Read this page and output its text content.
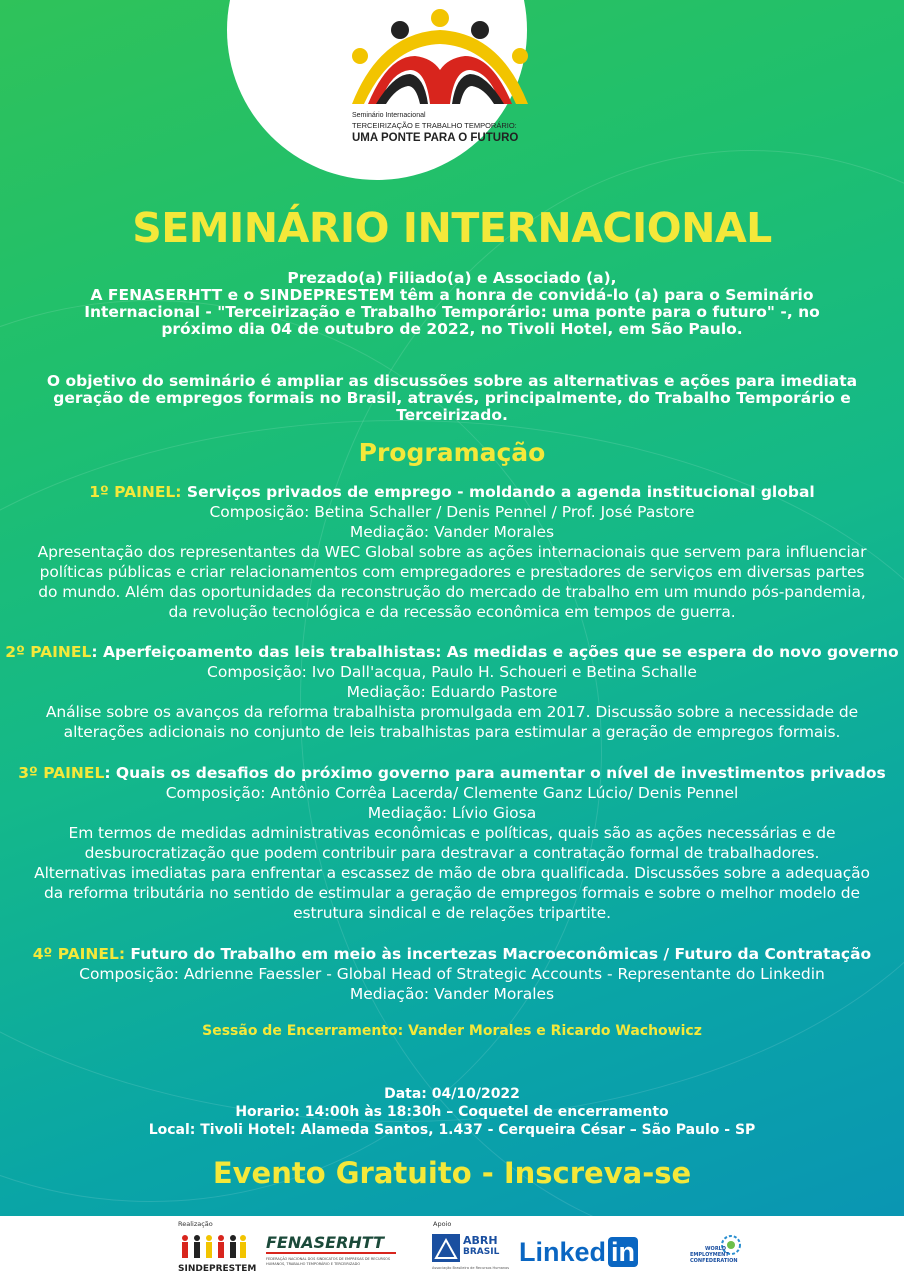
Seminário Internacional
TERCEIRIZAÇÃO E TRABALHO TEMPORÁRIO:
UMA PONTE PARA O FUTURO
SEMINÁRIO INTERNACIONAL

Prezado(a) Filiado(a) e Associado (a),

A FENASERHTT e o SINDEPRESTEM têm a honra de convidá-lo (a) para o Seminário

Internacional - "Terceirização e Trabalho Temporário: uma ponte para o futuro" -, no

próximo dia 04 de outubro de 2022, no Tivoli Hotel, em São Paulo.

O objetivo do seminário é ampliar as discussões sobre as alternativas e ações para imediata

geração de empregos formais no Brasil, através, principalmente, do Trabalho Temporário e

Terceirizado.

Programação
1º PAINEL: Serviços privados de emprego - moldando a agenda institucional global
Composição: Betina Schaller / Denis Pennel / Prof. José Pastore
Mediação: Vander Morales
Apresentação dos representantes da WEC Global sobre as ações internacionais que servem para influenciar
políticas públicas e criar relacionamentos com empregadores e prestadores de serviços em diversas partes
do mundo. Além das oportunidades da reconstrução do mercado de trabalho em um mundo pós-pandemia,
da revolução tecnológica e da recessão econômica em tempos de guerra.
2º PAINEL: Aperfeiçoamento das leis trabalhistas: As medidas e ações que se espera do novo governo
Composição: Ivo Dall'acqua, Paulo H. Schoueri e Betina Schalle
Mediação: Eduardo Pastore
Análise sobre os avanços da reforma trabalhista promulgada em 2017. Discussão sobre a necessidade de
alterações adicionais no conjunto de leis trabalhistas para estimular a geração de empregos formais.
3º PAINEL: Quais os desafios do próximo governo para aumentar o nível de investimentos privados
Composição: Antônio Corrêa Lacerda/ Clemente Ganz Lúcio/ Denis Pennel
Mediação: Lívio Giosa
Em termos de medidas administrativas econômicas e políticas, quais são as ações necessárias e de
desburocratização que podem contribuir para destravar a contratação formal de trabalhadores.
Alternativas imediatas para enfrentar a escassez de mão de obra qualificada. Discussões sobre a adequação
da reforma tributária no sentido de estimular a geração de empregos formais e sobre o melhor modelo de
estrutura sindical e de relações tripartite.
4º PAINEL: Futuro do Trabalho em meio às incertezas Macroeconômicas / Futuro da Contratação
Composição: Adrienne Faessler - Global Head of Strategic Accounts - Representante do Linkedin
Mediação: Vander Morales
Sessão de Encerramento: Vander Morales e Ricardo Wachowicz
Data: 04/10/2022
Horario: 14:00h às 18:30h – Coquetel de encerramento
Local: Tivoli Hotel: Alameda Santos, 1.437 - Cerqueira César – São Paulo - SP
Evento Gratuito - Inscreva-se
Realização	Apoio
SINDEPRESTEM
FENASERHTT
FEDERAÇÃO NACIONAL DOS SINDICATOS DE EMPRESAS DE RECURSOS HUMANOS, TRABALHO TEMPORÁRIO E TERCEIRIZADO
ABRH
BRASIL
Associação Brasileira de Recursos Humanos
Linked in	WORLD
EMPLOYMENT
CONFEDERATION
